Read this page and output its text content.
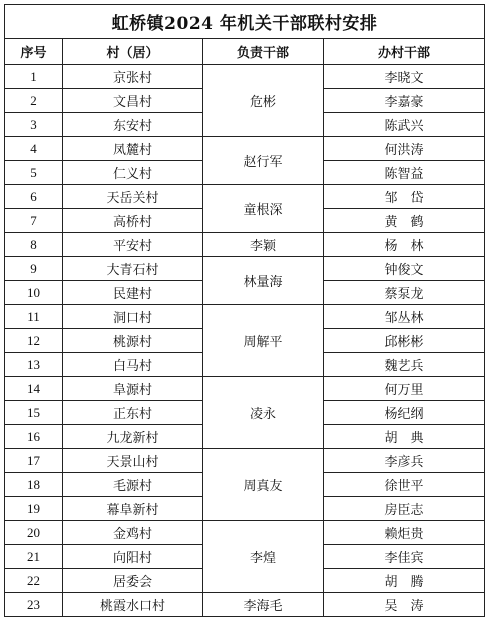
虹桥镇2024 年机关干部联村安排			
序号	村（居）	负责干部	办村干部
1	京张村	危彬	李晓文
2	文昌村		李嘉豪
3	东安村		陈武兴
4	凤麓村	赵行军	何洪涛
5	仁义村		陈智益
6	天岳关村	童根深	邹　岱
7	高桥村		黄　鹤
8	平安村	李颖	杨　林
9	大青石村	林量海	钟俊文
10	民建村		蔡泵龙
11	洞口村	周解平	邹丛林
12	桃源村		邱彬彬
13	白马村		魏艺兵
14	阜源村	凌永	何万里
15	正东村		杨纪纲
16	九龙新村		胡　典
17	天景山村	周真友	李彦兵
18	毛源村		徐世平
19	幕阜新村		房臣志
20	金鸡村	李煌	赖炬贵
21	向阳村		李佳宾
22	居委会		胡　腾
23	桃霞水口村	李海毛	吴　涛
